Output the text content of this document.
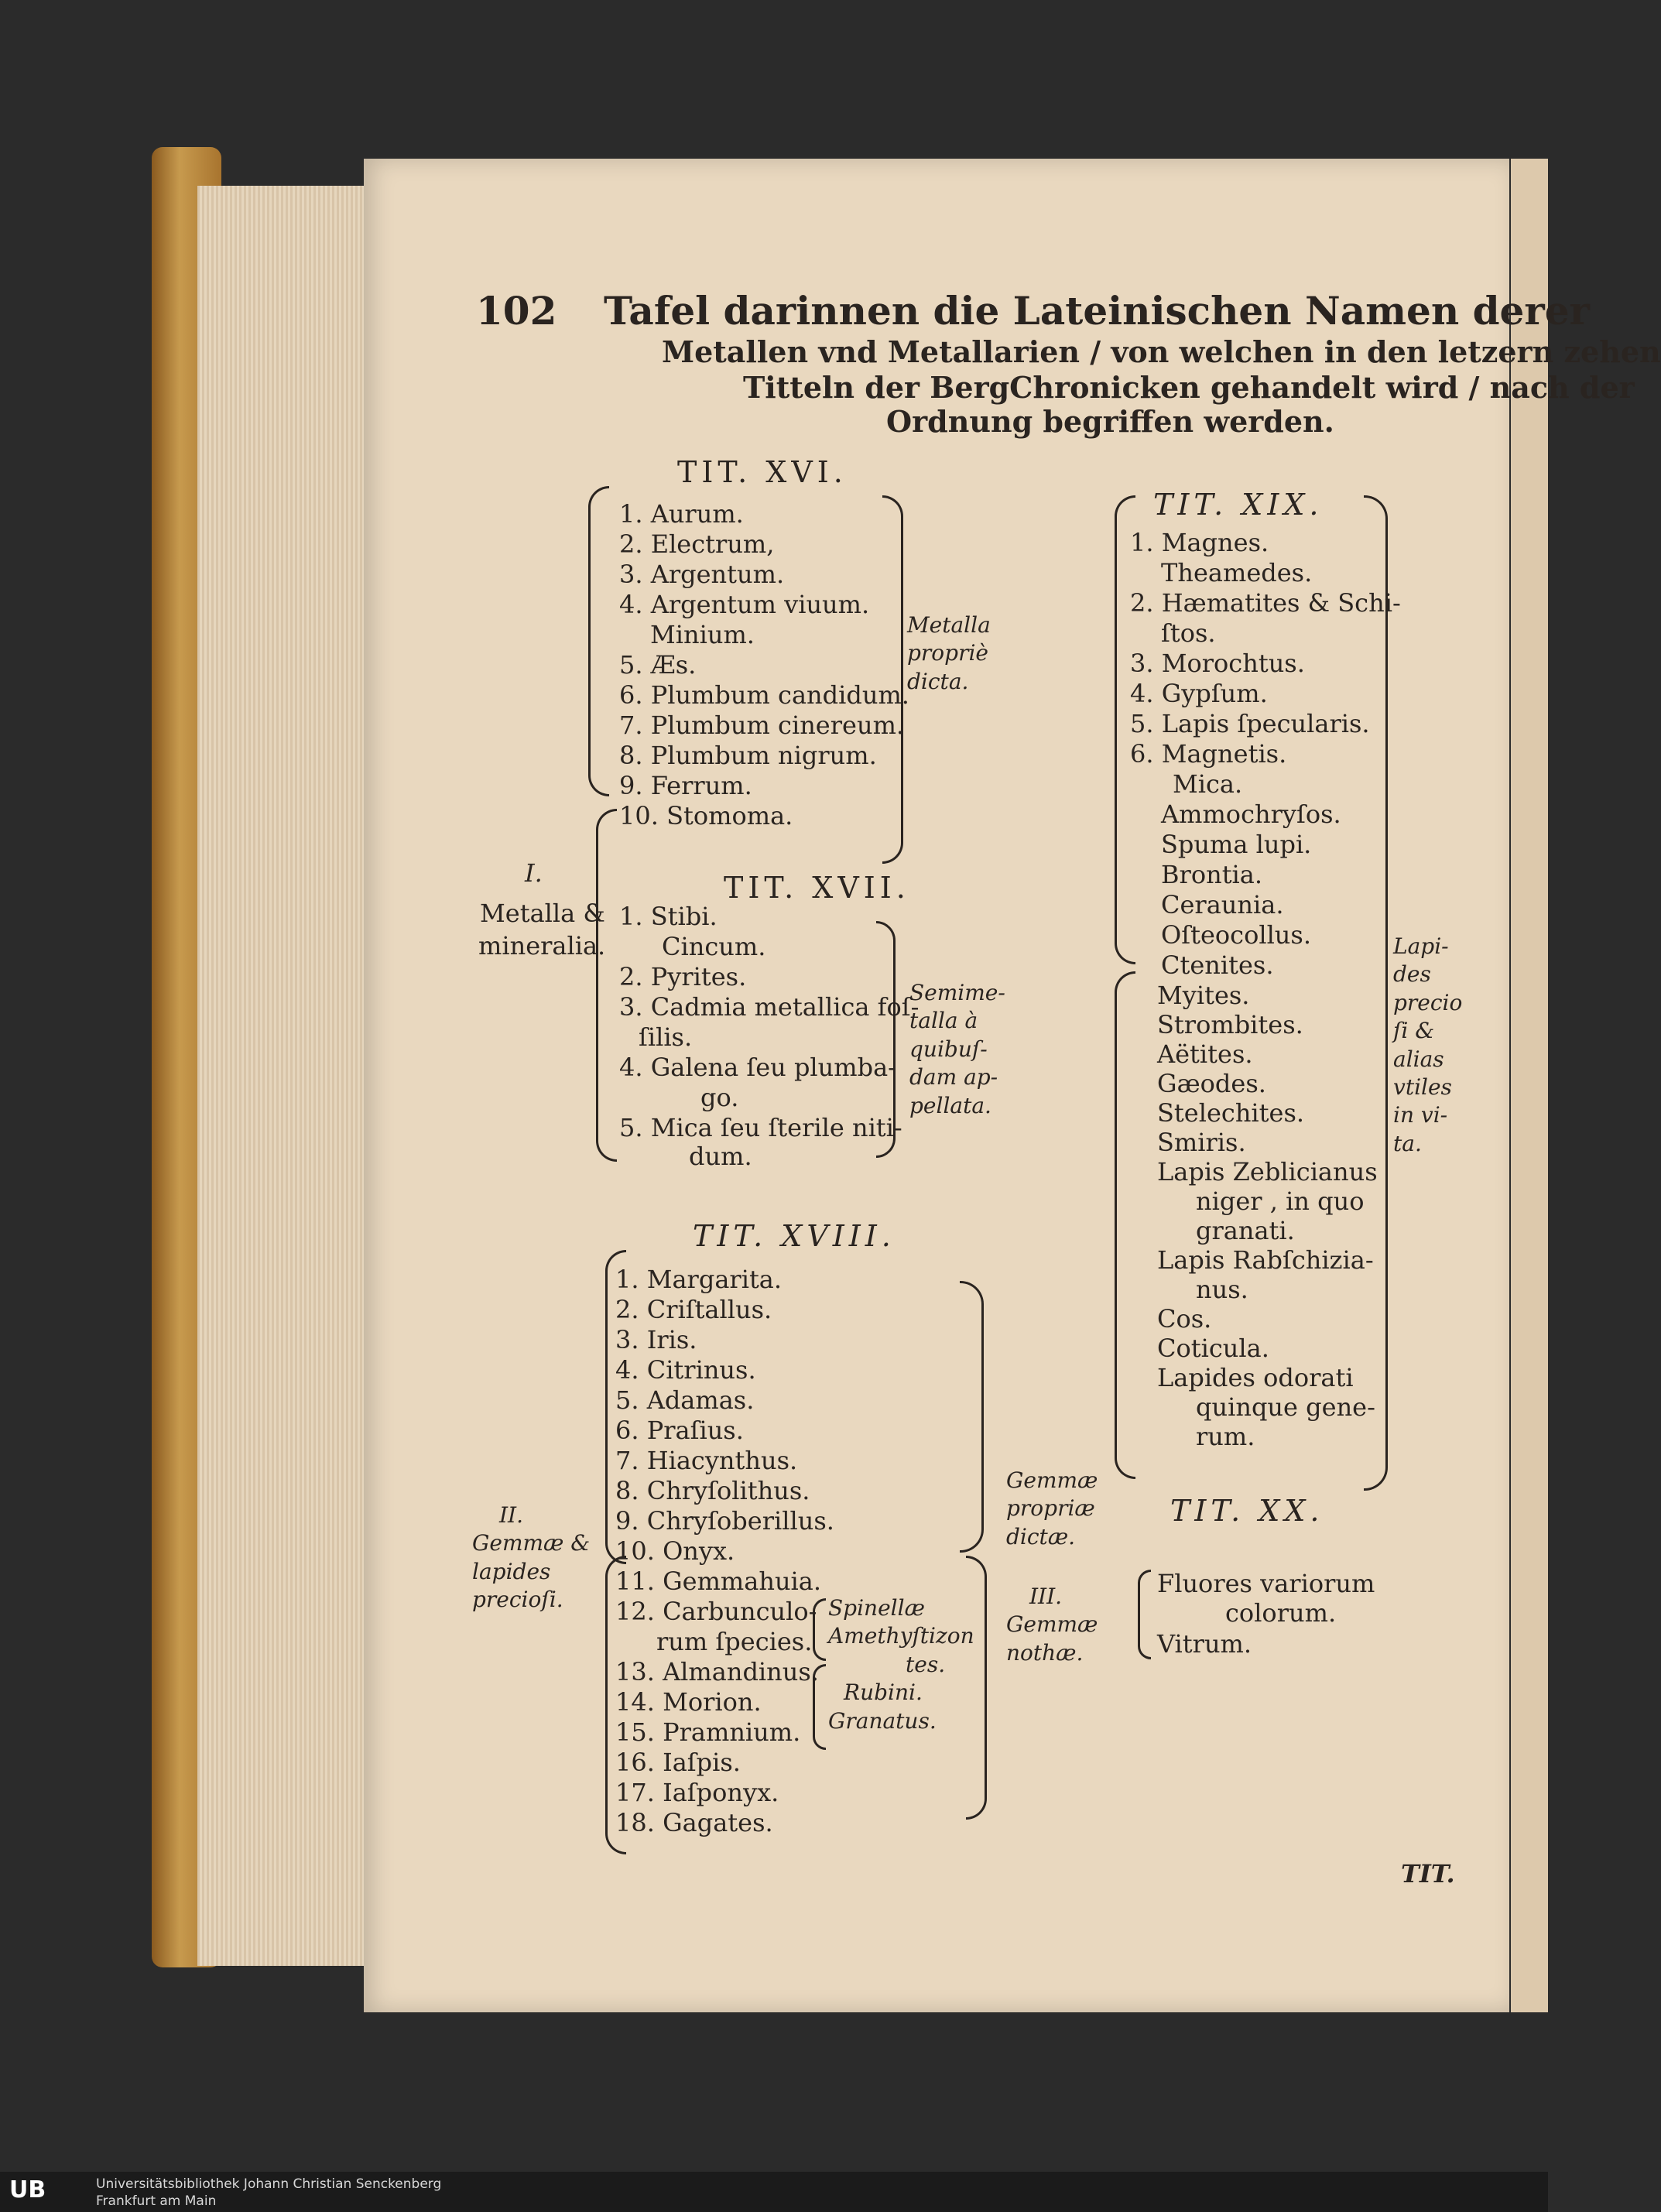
102 Tafel darinnen die Lateinischen Namen derer
Metallen vnd Metallarien / von welchen in den letzern zehen
Titteln der BergChronicken gehandelt wird / nach der
Ordnung begriffen werden.
TIT. XVI.
1. Aurum.
2. Electrum,
3. Argentum.
4. Argentum viuum.
Minium.
5. Æs.
6. Plumbum candidum.
7. Plumbum cinereum.
8. Plumbum nigrum.
9. Ferrum.
10. Stomoma.
Metalla
propriè
dicta.
I.
Metalla &
mineralia.
TIT. XVII.
1. Stibi.
Cincum.
2. Pyrites.
3. Cadmia metallica foſ-
ſilis.
4. Galena ſeu plumba-
go.
5. Mica ſeu ſterile niti-
dum.
Semime-
talla à
quibuſ-
dam ap-
pellata.
TIT. XVIII.
1. Margarita.
2. Criſtallus.
3. Iris.
4. Citrinus.
5. Adamas.
6. Praſius.
7. Hiacynthus.
8. Chryſolithus.
9. Chryſoberillus.
10. Onyx.
11. Gemmahuia.
12. Carbunculo-
rum ſpecies.
13. Almandinus.
14. Morion.
15. Pramnium.
16. Iaſpis.
17. Iaſponyx.
18. Gagates.
Spinellæ
Amethyſtizon
tes.
Rubini.
Granatus.
Gemmæ
propriæ
dictæ.
III.
Gemmæ
nothæ.
II.
Gemmæ &
lapides
precioſi.
TIT. XIX.
1. Magnes.
Theamedes.
2. Hæmatites & Schi-
ſtos.
3. Morochtus.
4. Gypſum.
5. Lapis ſpecularis.
6. Magnetis.
Mica.
Ammochryſos.
Spuma lupi.
Brontia.
Ceraunia.
Oſteocollus.
Ctenites.
Myites.
Strombites.
Aëtites.
Gæodes.
Stelechites.
Smiris.
Lapis Zeblicianus
niger , in quo
granati.
Lapis Rabſchizia-
nus.
Cos.
Coticula.
Lapides odorati
quinque gene-
rum.
Lapi-
des
precio
ſi &
alias
vtiles
in vi-
ta.
TIT. XX.
Fluores variorum
colorum.
Vitrum.
TIT.
UB	Universitätsbibliothek Johann Christian Senckenberg
Frankfurt am Main
